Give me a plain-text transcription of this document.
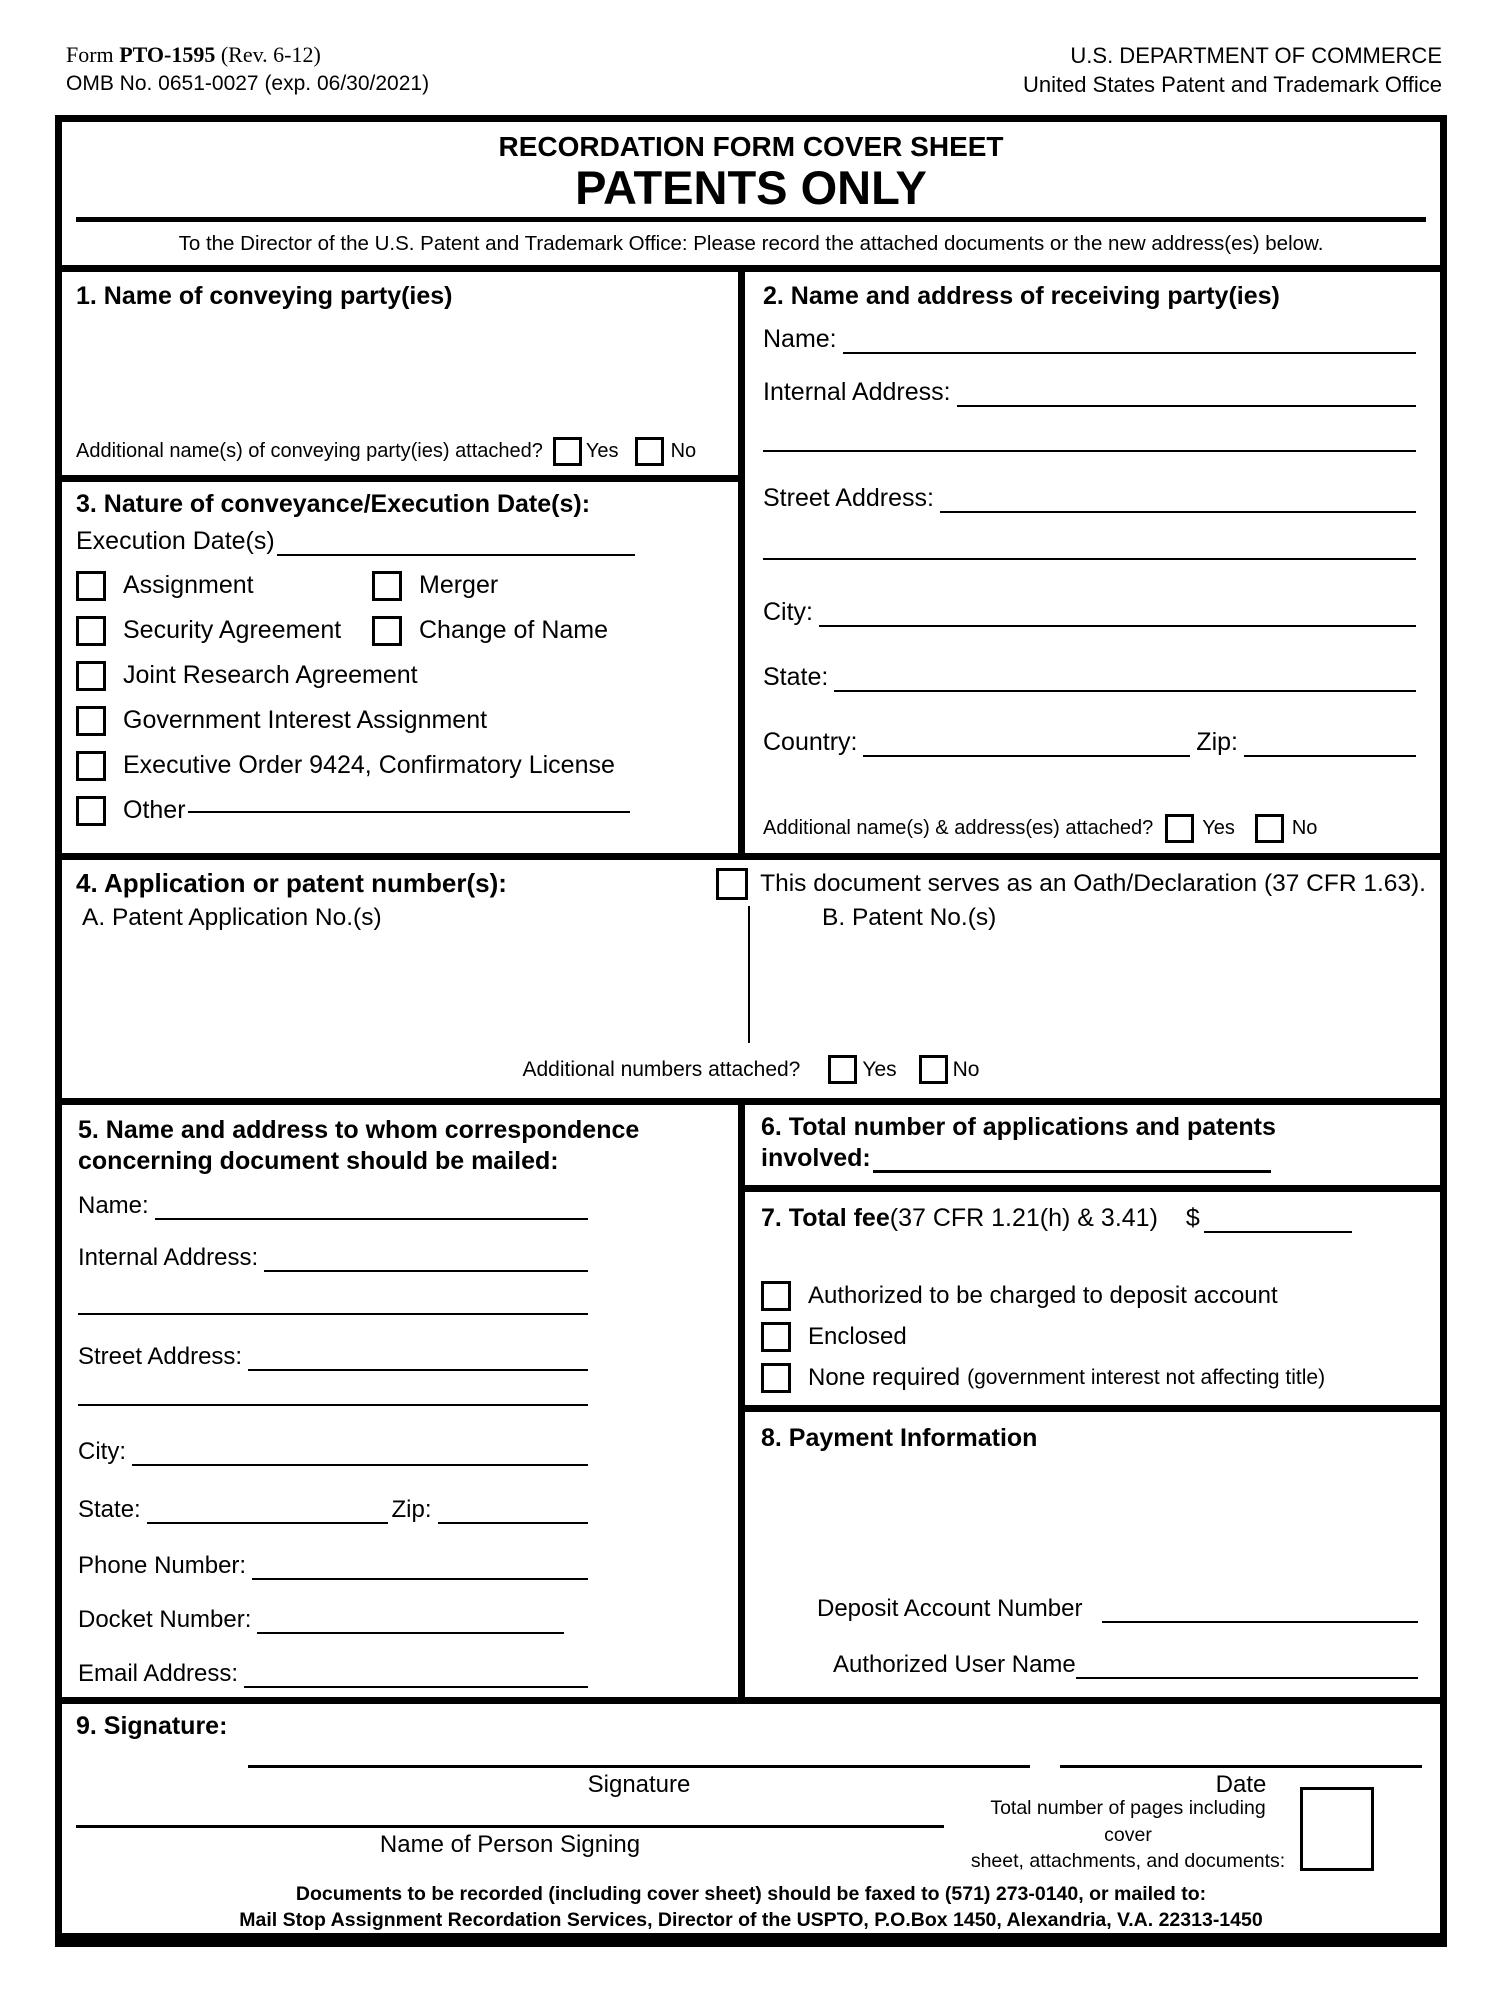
Form PTO-1595 (Rev. 6-12)
OMB No. 0651-0027 (exp. 06/30/2021)
U.S. DEPARTMENT OF COMMERCE
United States Patent and Trademark Office
RECORDATION FORM COVER SHEET
PATENTS ONLY
To the Director of the U.S. Patent and Trademark Office: Please record the attached documents or the new address(es) below.
1. Name of conveying party(ies)
Additional name(s) of conveying party(ies) attached? Yes	No
3. Nature of conveyance/Execution Date(s):
Execution Date(s)
Assignment	Merger
Security Agreement	Change of Name
Joint Research Agreement
Government Interest Assignment
Executive Order 9424, Confirmatory License
Other
2. Name and address of receiving party(ies)
Name:
Internal Address:
Street Address:
City:
State:
Country:	Zip:
Additional name(s) & address(es) attached? Yes	No
4. Application or patent number(s):	This document serves as an Oath/Declaration (37 CFR 1.63).
A. Patent Application No.(s)	B. Patent No.(s)
Additional numbers attached?	Yes	No
5. Name and address to whom correspondence
concerning document should be mailed:
Name:
Internal Address:
Street Address:
City:
State:	Zip:
Phone Number:
Docket Number:
Email Address:
6. Total number of applications and patents
involved:
7. Total fee (37 CFR 1.21(h) & 3.41) $
Authorized to be charged to deposit account
Enclosed
None required (government interest not affecting title)
8. Payment Information
Deposit Account Number
Authorized User Name
9. Signature:
Signature	Date
Name of Person Signing
Total number of pages including cover
sheet, attachments, and documents:
Documents to be recorded (including cover sheet) should be faxed to (571) 273-0140, or mailed to:
Mail Stop Assignment Recordation Services, Director of the USPTO, P.O.Box 1450, Alexandria, V.A. 22313-1450
